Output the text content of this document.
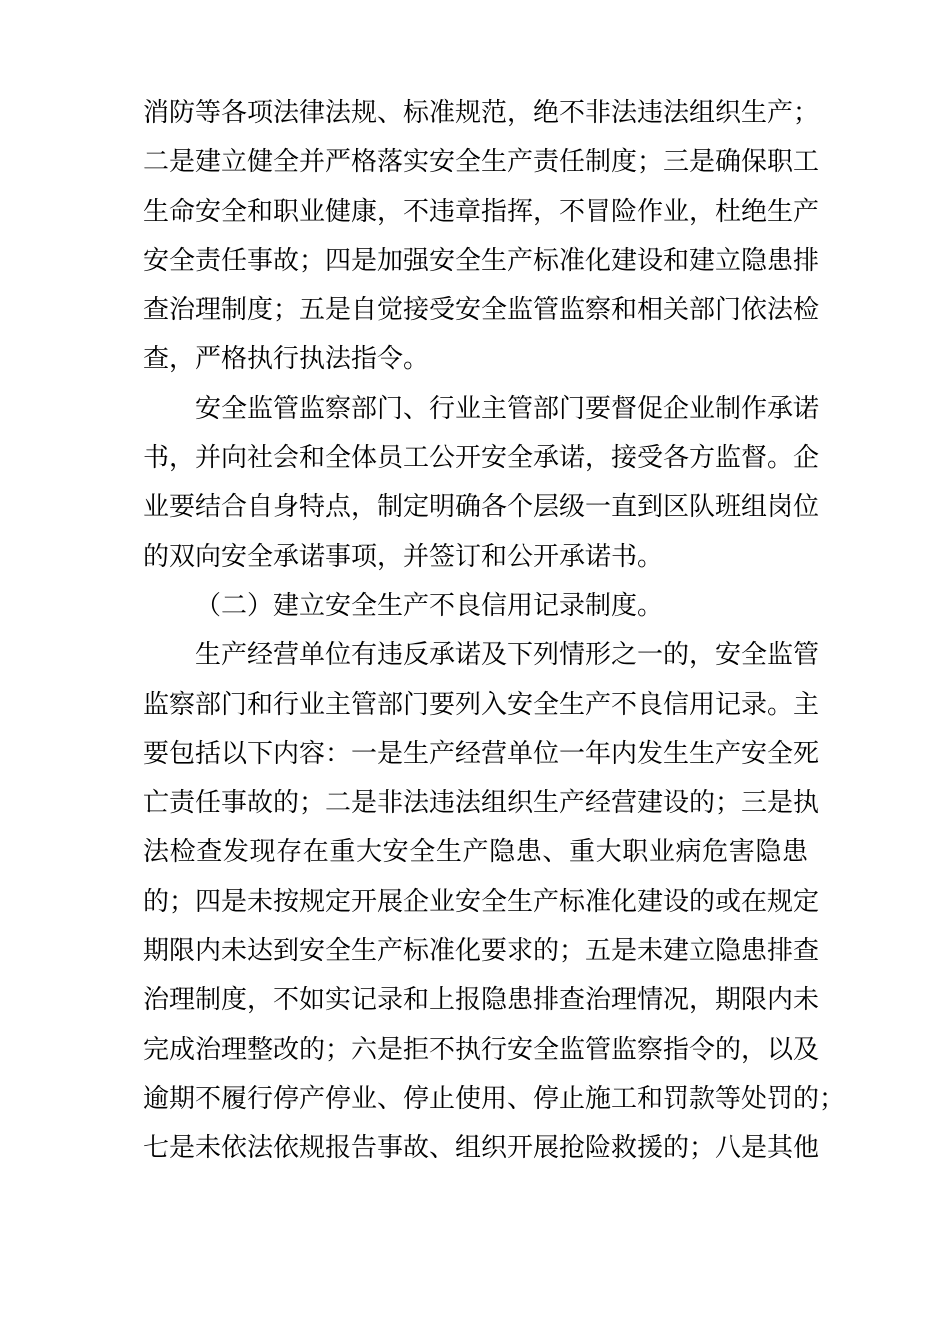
消防等各项法律法规、标准规范，绝不非法违法组织生产；
二是建立健全并严格落实安全生产责任制度；三是确保职工
生命安全和职业健康，不违章指挥，不冒险作业，杜绝生产
安全责任事故；四是加强安全生产标准化建设和建立隐患排
查治理制度；五是自觉接受安全监管监察和相关部门依法检
查，严格执行执法指令。
安全监管监察部门、行业主管部门要督促企业制作承诺
书，并向社会和全体员工公开安全承诺，接受各方监督。企
业要结合自身特点，制定明确各个层级一直到区队班组岗位
的双向安全承诺事项，并签订和公开承诺书。
（二）建立安全生产不良信用记录制度。
生产经营单位有违反承诺及下列情形之一的，安全监管
监察部门和行业主管部门要列入安全生产不良信用记录。主
要包括以下内容：一是生产经营单位一年内发生生产安全死
亡责任事故的；二是非法违法组织生产经营建设的；三是执
法检查发现存在重大安全生产隐患、重大职业病危害隐患
的；四是未按规定开展企业安全生产标准化建设的或在规定
期限内未达到安全生产标准化要求的；五是未建立隐患排查
治理制度，不如实记录和上报隐患排查治理情况，期限内未
完成治理整改的；六是拒不执行安全监管监察指令的，以及
逾期不履行停产停业、停止使用、停止施工和罚款等处罚的；
七是未依法依规报告事故、组织开展抢险救援的；八是其他
